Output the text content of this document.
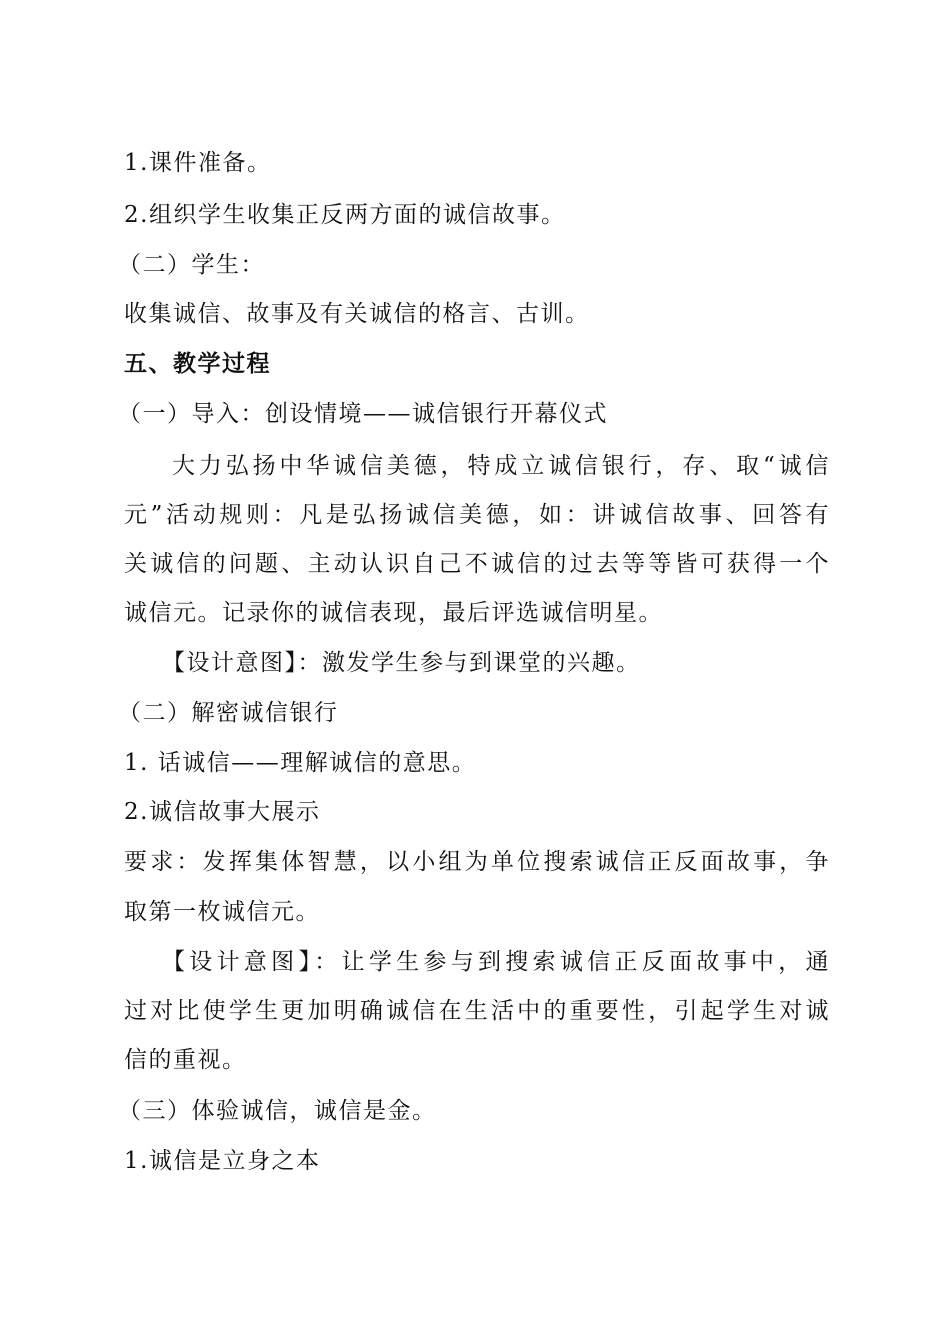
1.课件准备。
2.组织学生收集正反两方面的诚信故事。
（二）学生：
收集诚信、故事及有关诚信的格言、古训。
五、教学过程
（一）导入：创设情境——诚信银行开幕仪式
大力弘扬中华诚信美德，特成立诚信银行，存、取“诚信
元”活动规则：凡是弘扬诚信美德，如：讲诚信故事、回答有
关诚信的问题、主动认识自己不诚信的过去等等皆可获得一个
诚信元。记录你的诚信表现，最后评选诚信明星。
【设计意图】：激发学生参与到课堂的兴趣。
（二）解密诚信银行
1. 话诚信——理解诚信的意思。
2.诚信故事大展示
要求：发挥集体智慧，以小组为单位搜索诚信正反面故事，争
取第一枚诚信元。
【设计意图】：让学生参与到搜索诚信正反面故事中，通
过对比使学生更加明确诚信在生活中的重要性，引起学生对诚
信的重视。
（三）体验诚信，诚信是金。
1.诚信是立身之本
